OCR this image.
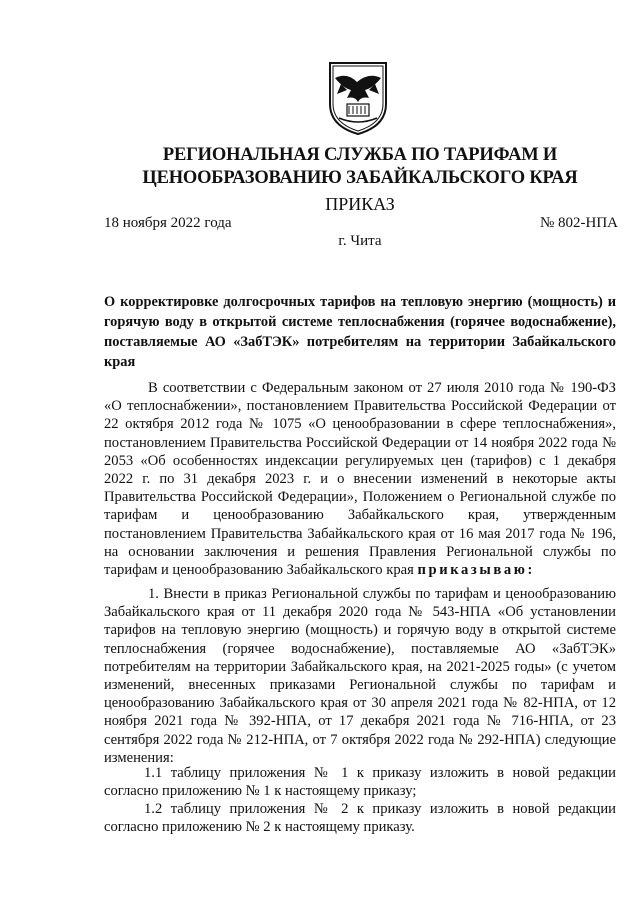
РЕГИОНАЛЬНАЯ СЛУЖБА ПО ТАРИФАМ И
ЦЕНООБРАЗОВАНИЮ ЗАБАЙКАЛЬСКОГО КРАЯ
ПРИКАЗ
18 ноября 2022 года	№ 802-НПА
г. Чита
О корректировке долгосрочных тарифов на тепловую энергию (мощность) и горячую воду в открытой системе теплоснабжения (горячее водоснабжение), поставляемые АО «ЗабТЭК» потребителям на территории Забайкальского края
В соответствии с Федеральным законом от 27 июля 2010 года № 190-ФЗ «О теплоснабжении», постановлением Правительства Российской Федерации от 22 октября 2012 года № 1075 «О ценообразовании в сфере теплоснабжения», постановлением Правительства Российской Федерации от 14 ноября 2022 года № 2053 «Об особенностях индексации регулируемых цен (тарифов) с 1 декабря 2022 г. по 31 декабря 2023 г. и о внесении изменений в некоторые акты Правительства Российской Федерации», Положением о Региональной службе по тарифам и ценообразованию Забайкальского края, утвержденным постановлением Правительства Забайкальского края от 16 мая 2017 года № 196, на основании заключения и решения Правления Региональной службы по тарифам и ценообразованию Забайкальского края приказываю:
1. Внести в приказ Региональной службы по тарифам и ценообразованию Забайкальского края от 11 декабря 2020 года № 543-НПА «Об установлении тарифов на тепловую энергию (мощность) и горячую воду в открытой системе теплоснабжения (горячее водоснабжение), поставляемые АО «ЗабТЭК» потребителям на территории Забайкальского края, на 2021-2025 годы» (с учетом изменений, внесенных приказами Региональной службы по тарифам и ценообразованию Забайкальского края от 30 апреля 2021 года № 82-НПА, от 12 ноября 2021 года № 392-НПА, от 17 декабря 2021 года № 716-НПА, от 23 сентября 2022 года № 212-НПА, от 7 октября 2022 года № 292-НПА) следующие изменения:
1.1 таблицу приложения № 1 к приказу изложить в новой редакции согласно приложению № 1 к настоящему приказу;
1.2 таблицу приложения № 2 к приказу изложить в новой редакции согласно приложению № 2 к настоящему приказу.
